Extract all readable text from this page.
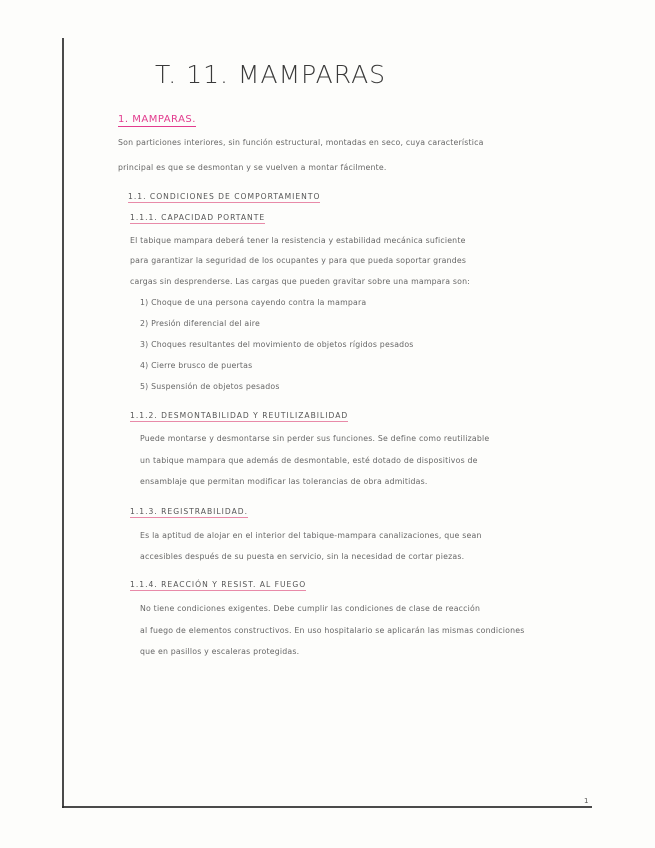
T. 11. MAMPARAS
1. MAMPARAS.
Son particiones interiores, sin función estructural, montadas en seco, cuya característica
principal es que se desmontan y se vuelven a montar fácilmente.
1.1. CONDICIONES DE COMPORTAMIENTO
1.1.1. CAPACIDAD PORTANTE
El tabique mampara deberá tener la resistencia y estabilidad mecánica suficiente
para garantizar la seguridad de los ocupantes y para que pueda soportar grandes
cargas sin desprenderse. Las cargas que pueden gravitar sobre una mampara son:
1) Choque de una persona cayendo contra la mampara
2) Presión diferencial del aire
3) Choques resultantes del movimiento de objetos rígidos pesados
4) Cierre brusco de puertas
5) Suspensión de objetos pesados
1.1.2. DESMONTABILIDAD Y REUTILIZABILIDAD
Puede montarse y desmontarse sin perder sus funciones. Se define como reutilizable
un tabique mampara que además de desmontable, esté dotado de dispositivos de
ensamblaje que permitan modificar las tolerancias de obra admitidas.
1.1.3. REGISTRABILIDAD.
Es la aptitud de alojar en el interior del tabique-mampara canalizaciones, que sean
accesibles después de su puesta en servicio, sin la necesidad de cortar piezas.
1.1.4. REACCIÓN Y RESIST. AL FUEGO
No tiene condiciones exigentes. Debe cumplir las condiciones de clase de reacción
al fuego de elementos constructivos. En uso hospitalario se aplicarán las mismas condiciones
que en pasillos y escaleras protegidas.
1
